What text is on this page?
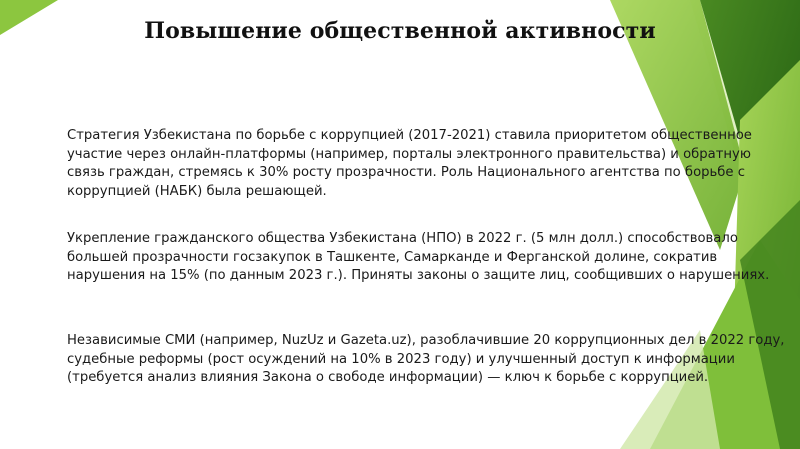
Повышение общественной активности

Стратегия Узбекистана по борьбе с коррупцией (2017-2021) ставила приоритетом общественное участие через онлайн-платформы (например, порталы электронного правительства) и обратную связь граждан, стремясь к 30% росту прозрачности. Роль Национального агентства по борьбе с коррупцией (НАБК) была решающей.

Укрепление гражданского общества Узбекистана (НПО) в 2022 г. (5 млн долл.) способствовало большей прозрачности госзакупок в Ташкенте, Самарканде и Ферганской долине, сократив нарушения на 15% (по данным 2023 г.). Приняты законы о защите лиц, сообщивших о нарушениях.

Независимые СМИ (например, NuzUz и Gazeta.uz), разоблачившие 20 коррупционных дел в 2022 году, судебные реформы (рост осуждений на 10% в 2023 году) и улучшенный доступ к информации (требуется анализ влияния Закона о свободе информации) — ключ к борьбе с коррупцией.
